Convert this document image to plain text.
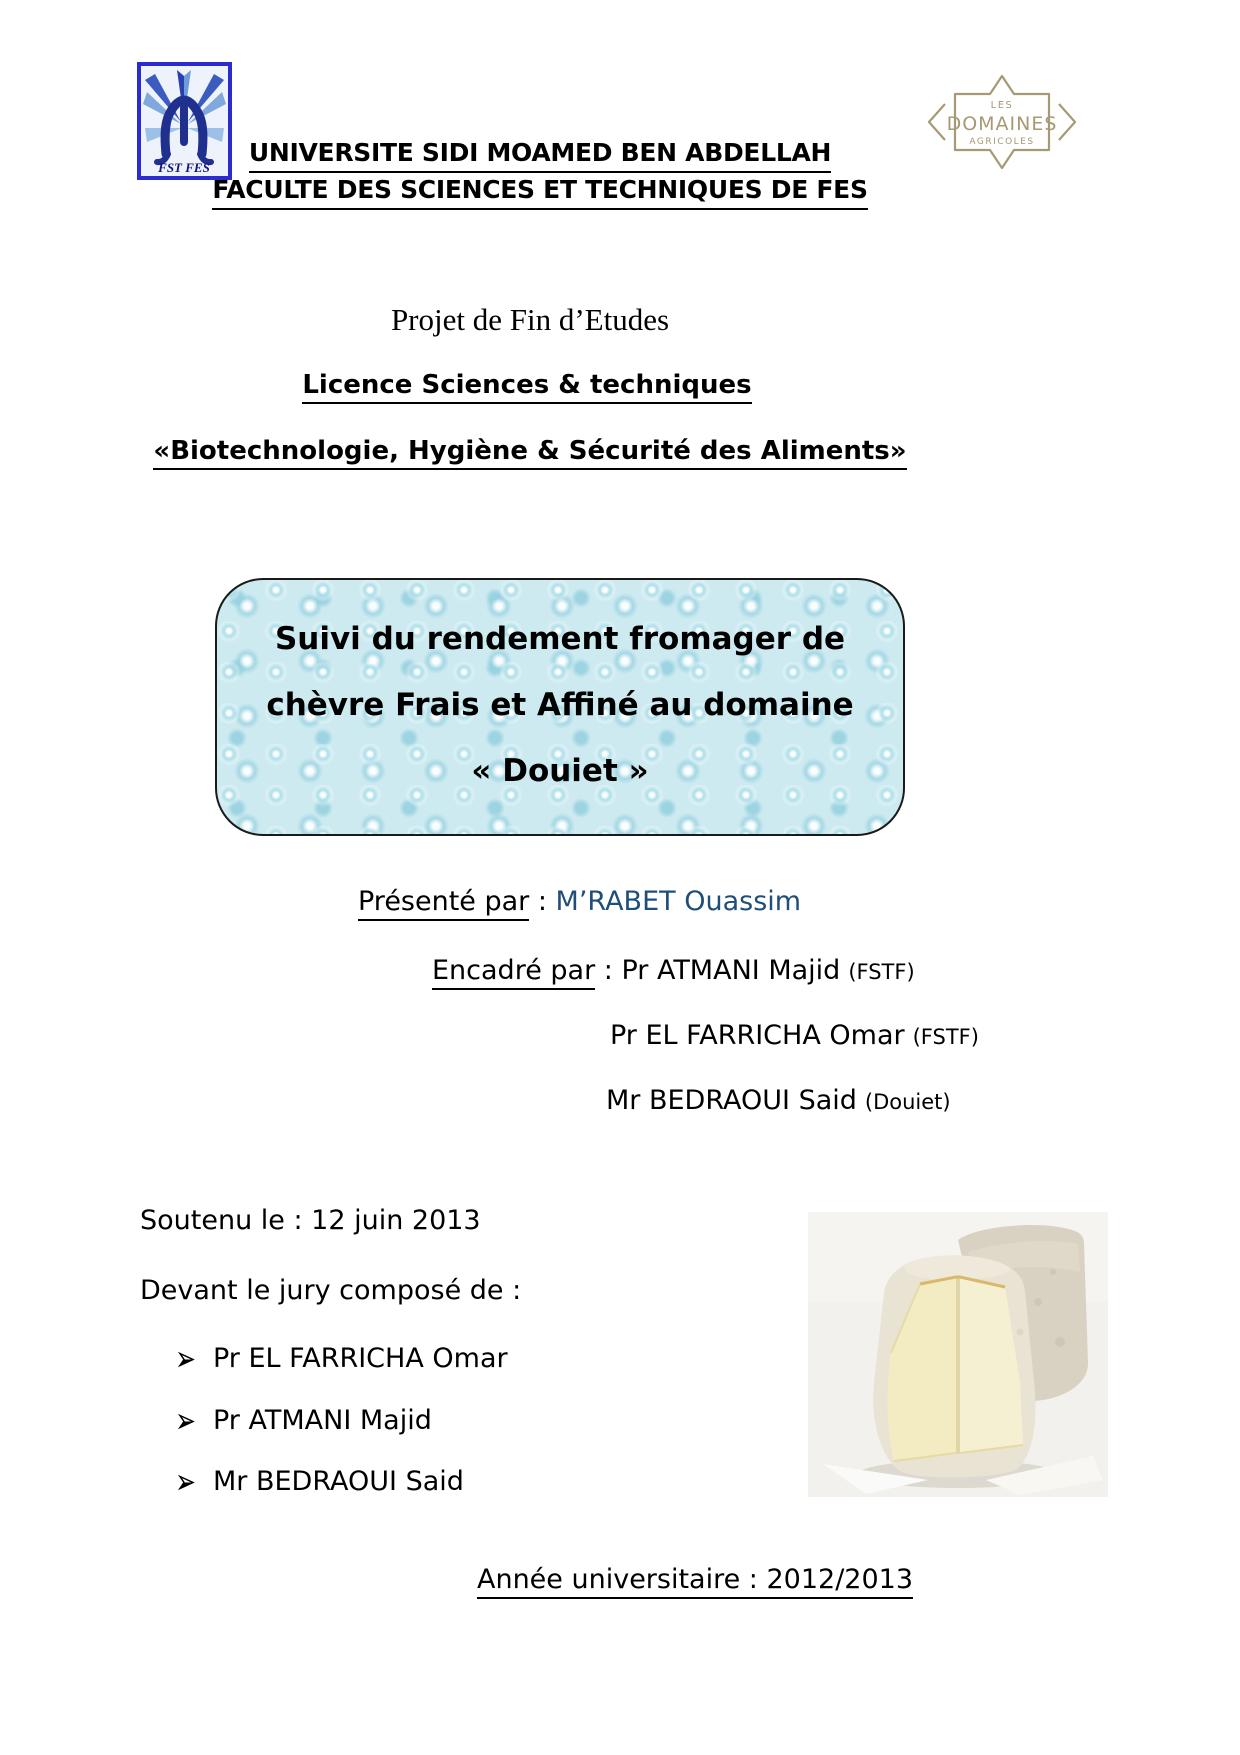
FST FES
LES
DOMAINES
AGRICOLES
UNIVERSITE SIDI MOAMED BEN ABDELLAH
FACULTE DES SCIENCES ET TECHNIQUES DE FES
Projet de Fin d’Etudes
Licence Sciences & techniques
«Biotechnologie, Hygiène & Sécurité des Aliments»
Suivi du rendement fromager de
chèvre Frais et Affiné au domaine
« Douiet »
Présenté par : M’RABET Ouassim
Encadré par : Pr ATMANI Majid (FSTF)
Pr EL FARRICHA Omar (FSTF)
Mr BEDRAOUI Said (Douiet)
Soutenu le : 12 juin 2013
Devant le jury composé de :
Pr EL FARRICHA Omar
Pr ATMANI Majid
Mr BEDRAOUI Said
Année universitaire : 2012/2013
